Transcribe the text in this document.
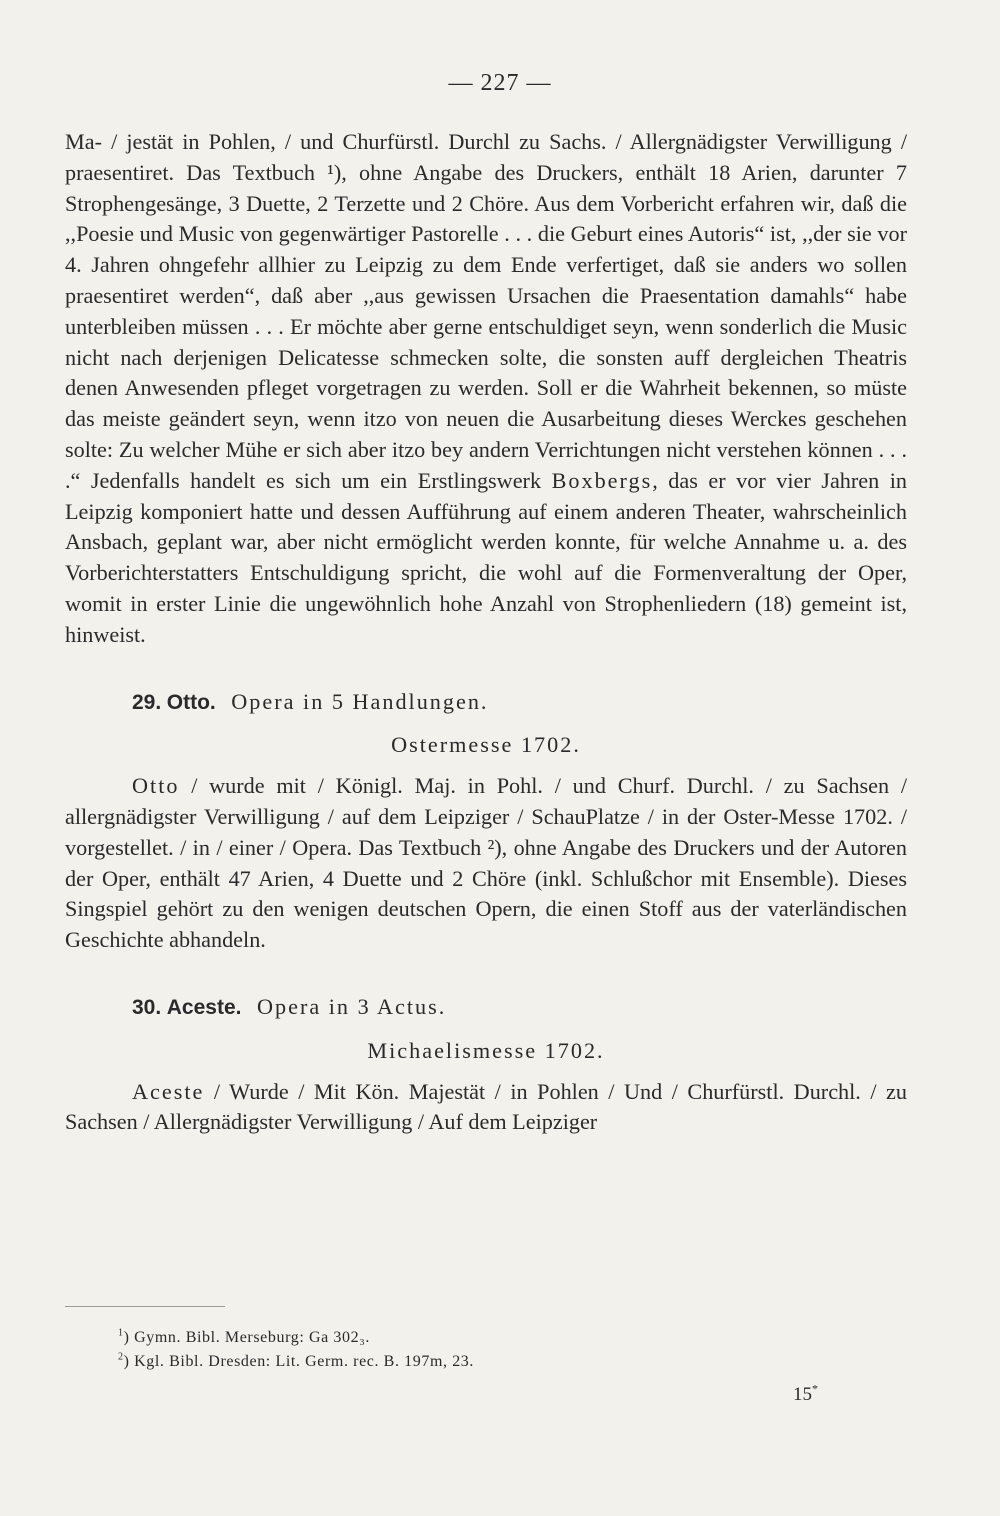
— 227 —

Ma- / jestät in Pohlen, / und Churfürstl. Durchl zu Sachs. / Allergnädigster Verwilligung / praesentiret. Das Textbuch ¹), ohne Angabe des Druckers, enthält 18 Arien, darunter 7 Strophengesänge, 3 Duette, 2 Terzette und 2 Chöre. Aus dem Vorbericht erfahren wir, daß die ,,Poesie und Music von gegenwärtiger Pastorelle . . . die Geburt eines Autoris“ ist, ,,der sie vor 4. Jahren ohngefehr allhier zu Leipzig zu dem Ende verfertiget, daß sie anders wo sollen praesentiret werden“, daß aber ,,aus gewissen Ursachen die Praesentation damahls“ habe unterbleiben müssen . . . Er möchte aber gerne entschuldiget seyn, wenn sonderlich die Music nicht nach derjenigen Delicatesse schmecken solte, die sonsten auff dergleichen Theatris denen Anwesenden pfleget vorgetragen zu werden. Soll er die Wahrheit bekennen, so müste das meiste geändert seyn, wenn itzo von neuen die Ausarbeitung dieses Werckes geschehen solte: Zu welcher Mühe er sich aber itzo bey andern Verrichtungen nicht verstehen können . . . .“ Jedenfalls handelt es sich um ein Erstlingswerk Boxbergs, das er vor vier Jahren in Leipzig komponiert hatte und dessen Aufführung auf einem anderen Theater, wahrscheinlich Ansbach, geplant war, aber nicht ermöglicht werden konnte, für welche Annahme u. a. des Vorberichterstatters Entschuldigung spricht, die wohl auf die Formenveraltung der Oper, womit in erster Linie die ungewöhnlich hohe Anzahl von Strophenliedern (18) gemeint ist, hinweist.

29. Otto. Opera in 5 Handlungen.
Ostermesse 1702.

Otto / wurde mit / Königl. Maj. in Pohl. / und Churf. Durchl. / zu Sachsen / allergnädigster Verwilligung / auf dem Leipziger / SchauPlatze / in der Oster-Messe 1702. / vorgestellet. / in / einer / Opera. Das Textbuch ²), ohne Angabe des Druckers und der Autoren der Oper, enthält 47 Arien, 4 Duette und 2 Chöre (inkl. Schlußchor mit Ensemble). Dieses Singspiel gehört zu den wenigen deutschen Opern, die einen Stoff aus der vaterländischen Geschichte abhandeln.

30. Aceste. Opera in 3 Actus.
Michaelismesse 1702.

Aceste / Wurde / Mit Kön. Majestät / in Pohlen / Und / Churfürstl. Durchl. / zu Sachsen / Allergnädigster Verwilligung / Auf dem Leipziger

$^1$) Gymn. Bibl. Merseburg: Ga 302₃.
$^2$) Kgl. Bibl. Dresden: Lit. Germ. rec. B. 197m, 23.
15*
